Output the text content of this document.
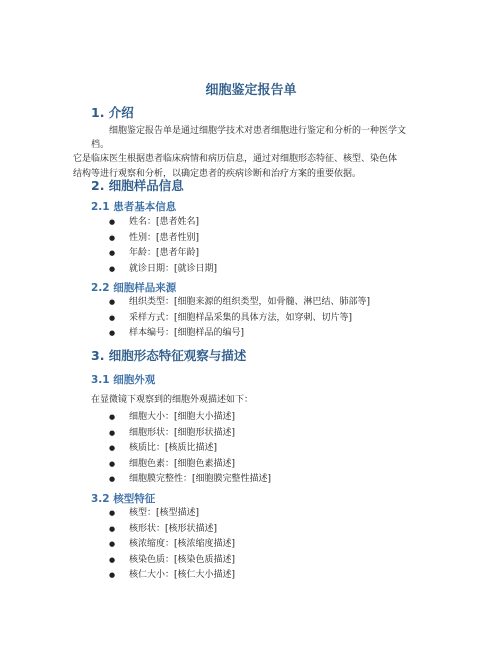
细胞鉴定报告单
1. 介绍

细胞鉴定报告单是通过细胞学技术对患者细胞进行鉴定和分析的一种医学文档。
它是临床医生根据患者临床病情和病历信息，通过对细胞形态特征、核型、染色体
结构等进行观察和分析，以确定患者的疾病诊断和治疗方案的重要依据。

2. 细胞样品信息
2.1 患者基本信息
● 姓名：[患者姓名]
● 性别：[患者性别]
● 年龄：[患者年龄]
● 就诊日期：[就诊日期]
2.2 细胞样品来源
● 组织类型：[细胞来源的组织类型，如骨髓、淋巴结、肺部等]
● 采样方式：[细胞样品采集的具体方法，如穿刺、切片等]
● 样本编号：[细胞样品的编号]
3. 细胞形态特征观察与描述
3.1 细胞外观

在显微镜下观察到的细胞外观描述如下：

● 细胞大小：[细胞大小描述]
● 细胞形状：[细胞形状描述]
● 核质比：[核质比描述]
● 细胞色素：[细胞色素描述]
● 细胞膜完整性：[细胞膜完整性描述]
3.2 核型特征
● 核型：[核型描述]
● 核形状：[核形状描述]
● 核浓缩度：[核浓缩度描述]
● 核染色质：[核染色质描述]
● 核仁大小：[核仁大小描述]
